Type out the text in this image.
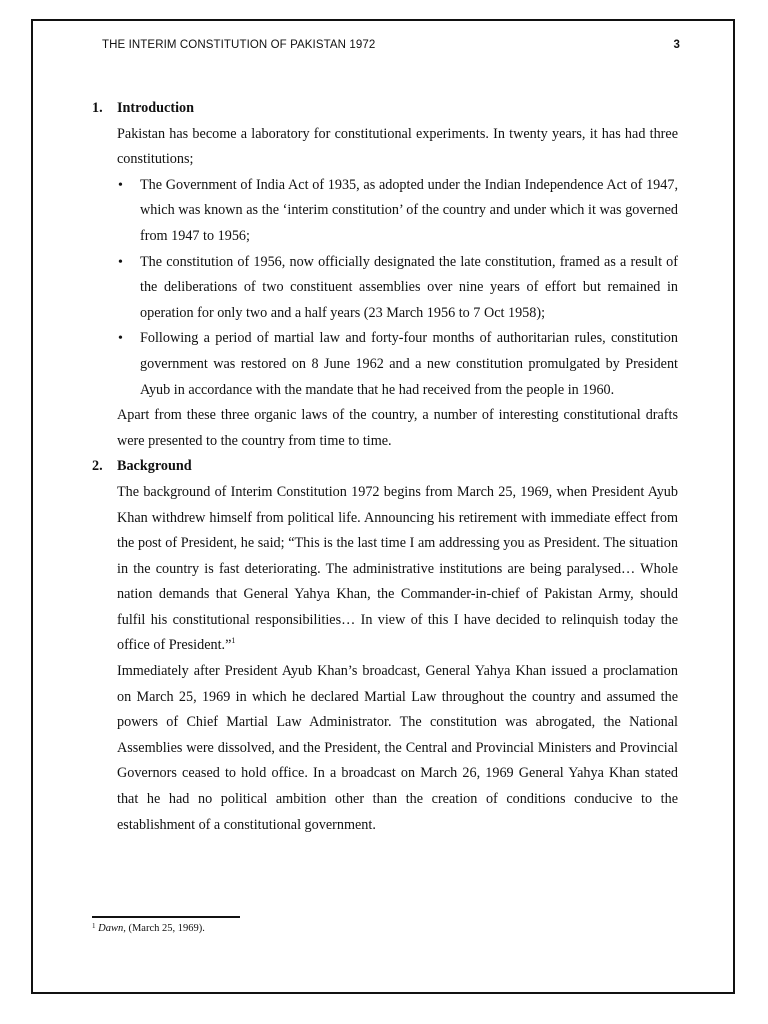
THE INTERIM CONSTITUTION OF PAKISTAN 1972	3
1.	Introduction

Pakistan has become a laboratory for constitutional experiments. In twenty years, it has had three constitutions;

• The Government of India Act of 1935, as adopted under the Indian Independence Act of 1947, which was known as the ‘interim constitution’ of the country and under which it was governed from 1947 to 1956;
• The constitution of 1956, now officially designated the late constitution, framed as a result of the deliberations of two constituent assemblies over nine years of effort but remained in operation for only two and a half years (23 March 1956 to 7 Oct 1958);
• Following a period of martial law and forty-four months of authoritarian rules, constitution government was restored on 8 June 1962 and a new constitution promulgated by President Ayub in accordance with the mandate that he had received from the people in 1960.

Apart from these three organic laws of the country, a number of interesting constitutional drafts were presented to the country from time to time.

2.	Background

The background of Interim Constitution 1972 begins from March 25, 1969, when President Ayub Khan withdrew himself from political life. Announcing his retirement with immediate effect from the post of President, he said; “This is the last time I am addressing you as President. The situation in the country is fast deteriorating. The administrative institutions are being paralysed… Whole nation demands that General Yahya Khan, the Commander-in-chief of Pakistan Army, should fulfil his constitutional responsibilities… In view of this I have decided to relinquish today the office of President.”$^1$

Immediately after President Ayub Khan’s broadcast, General Yahya Khan issued a proclamation on March 25, 1969 in which he declared Martial Law throughout the country and assumed the powers of Chief Martial Law Administrator. The constitution was abrogated, the National Assemblies were dissolved, and the President, the Central and Provincial Ministers and Provincial Governors ceased to hold office. In a broadcast on March 26, 1969 General Yahya Khan stated that he had no political ambition other than the creation of conditions conducive to the establishment of a constitutional government.

$^1$ Dawn, (March 25, 1969).
